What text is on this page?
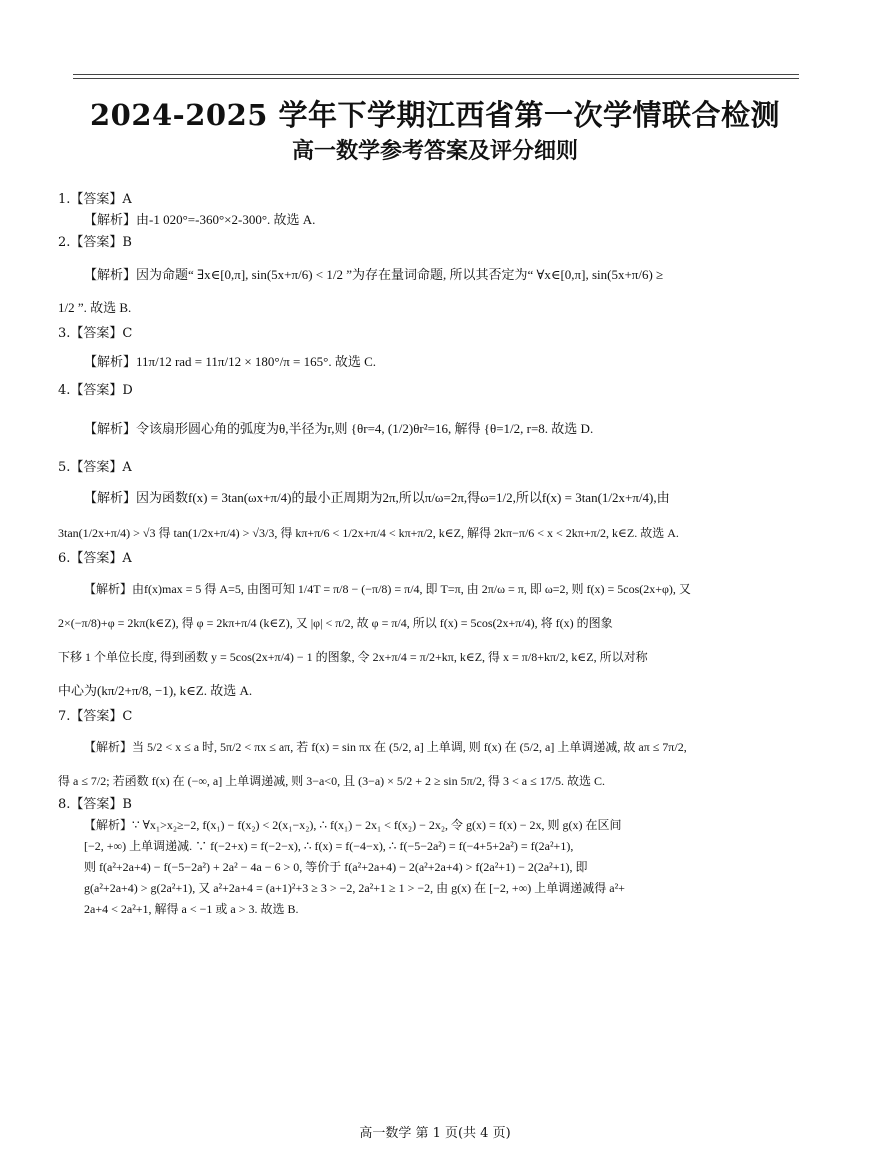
2024-2025 学年下学期江西省第一次学情联合检测
高一数学参考答案及评分细则
1.【答案】A
【解析】由-1 020°=-360°×2-300°. 故选 A.
2.【答案】B
【解析】因为命题“ ∃x∈[0,π], sin(5x+π/6) < 1/2 ”为存在量词命题, 所以其否定为“ ∀x∈[0,π], sin(5x+π/6) ≥
1/2 ”. 故选 B.
3.【答案】C
【解析】11π/12 rad = 11π/12 × 180°/π = 165°. 故选 C.
4.【答案】D
【解析】令该扇形圆心角的弧度为θ,半径为r,则 {θr=4, (1/2)θr²=16, 解得 {θ=1/2, r=8. 故选 D.
5.【答案】A
【解析】因为函数f(x) = 3tan(ωx+π/4)的最小正周期为2π,所以π/ω=2π,得ω=1/2,所以f(x) = 3tan(1/2x+π/4),由
3tan(1/2x+π/4) > √3 得 tan(1/2x+π/4) > √3/3, 得 kπ+π/6 < 1/2x+π/4 < kπ+π/2, k∈Z, 解得 2kπ−π/6 < x < 2kπ+π/2, k∈Z. 故选 A.
6.【答案】A
【解析】由f(x)max = 5 得 A=5, 由图可知 1/4T = π/8 − (−π/8) = π/4, 即 T=π, 由 2π/ω = π, 即 ω=2, 则 f(x) = 5cos(2x+φ), 又
2×(−π/8)+φ = 2kπ(k∈Z), 得 φ = 2kπ+π/4 (k∈Z), 又 |φ| < π/2, 故 φ = π/4, 所以 f(x) = 5cos(2x+π/4), 将 f(x) 的图象
下移 1 个单位长度, 得到函数 y = 5cos(2x+π/4) − 1 的图象, 令 2x+π/4 = π/2+kπ, k∈Z, 得 x = π/8+kπ/2, k∈Z, 所以对称
中心为(kπ/2+π/8, −1), k∈Z. 故选 A.
7.【答案】C
【解析】当 5/2 < x ≤ a 时, 5π/2 < πx ≤ aπ, 若 f(x) = sin πx 在 (5/2, a] 上单调, 则 f(x) 在 (5/2, a] 上单调递减, 故 aπ ≤ 7π/2,
得 a ≤ 7/2; 若函数 f(x) 在 (−∞, a] 上单调递减, 则 3−a<0, 且 (3−a) × 5/2 + 2 ≥ sin 5π/2, 得 3 < a ≤ 17/5. 故选 C.
8.【答案】B
【解析】∵ ∀x₁>x₂≥−2, f(x₁) − f(x₂) < 2(x₁−x₂), ∴ f(x₁) − 2x₁ < f(x₂) − 2x₂, 令 g(x) = f(x) − 2x, 则 g(x) 在区间
[−2, +∞) 上单调递减. ∵ f(−2+x) = f(−2−x), ∴ f(x) = f(−4−x), ∴ f(−5−2a²) = f(−4+5+2a²) = f(2a²+1),
则 f(a²+2a+4) − f(−5−2a²) + 2a² − 4a − 6 > 0, 等价于 f(a²+2a+4) − 2(a²+2a+4) > f(2a²+1) − 2(2a²+1), 即
g(a²+2a+4) > g(2a²+1), 又 a²+2a+4 = (a+1)²+3 ≥ 3 > −2, 2a²+1 ≥ 1 > −2, 由 g(x) 在 [−2, +∞) 上单调递减得 a²+
2a+4 < 2a²+1, 解得 a < −1 或 a > 3. 故选 B.
高一数学 第 1 页(共 4 页)
